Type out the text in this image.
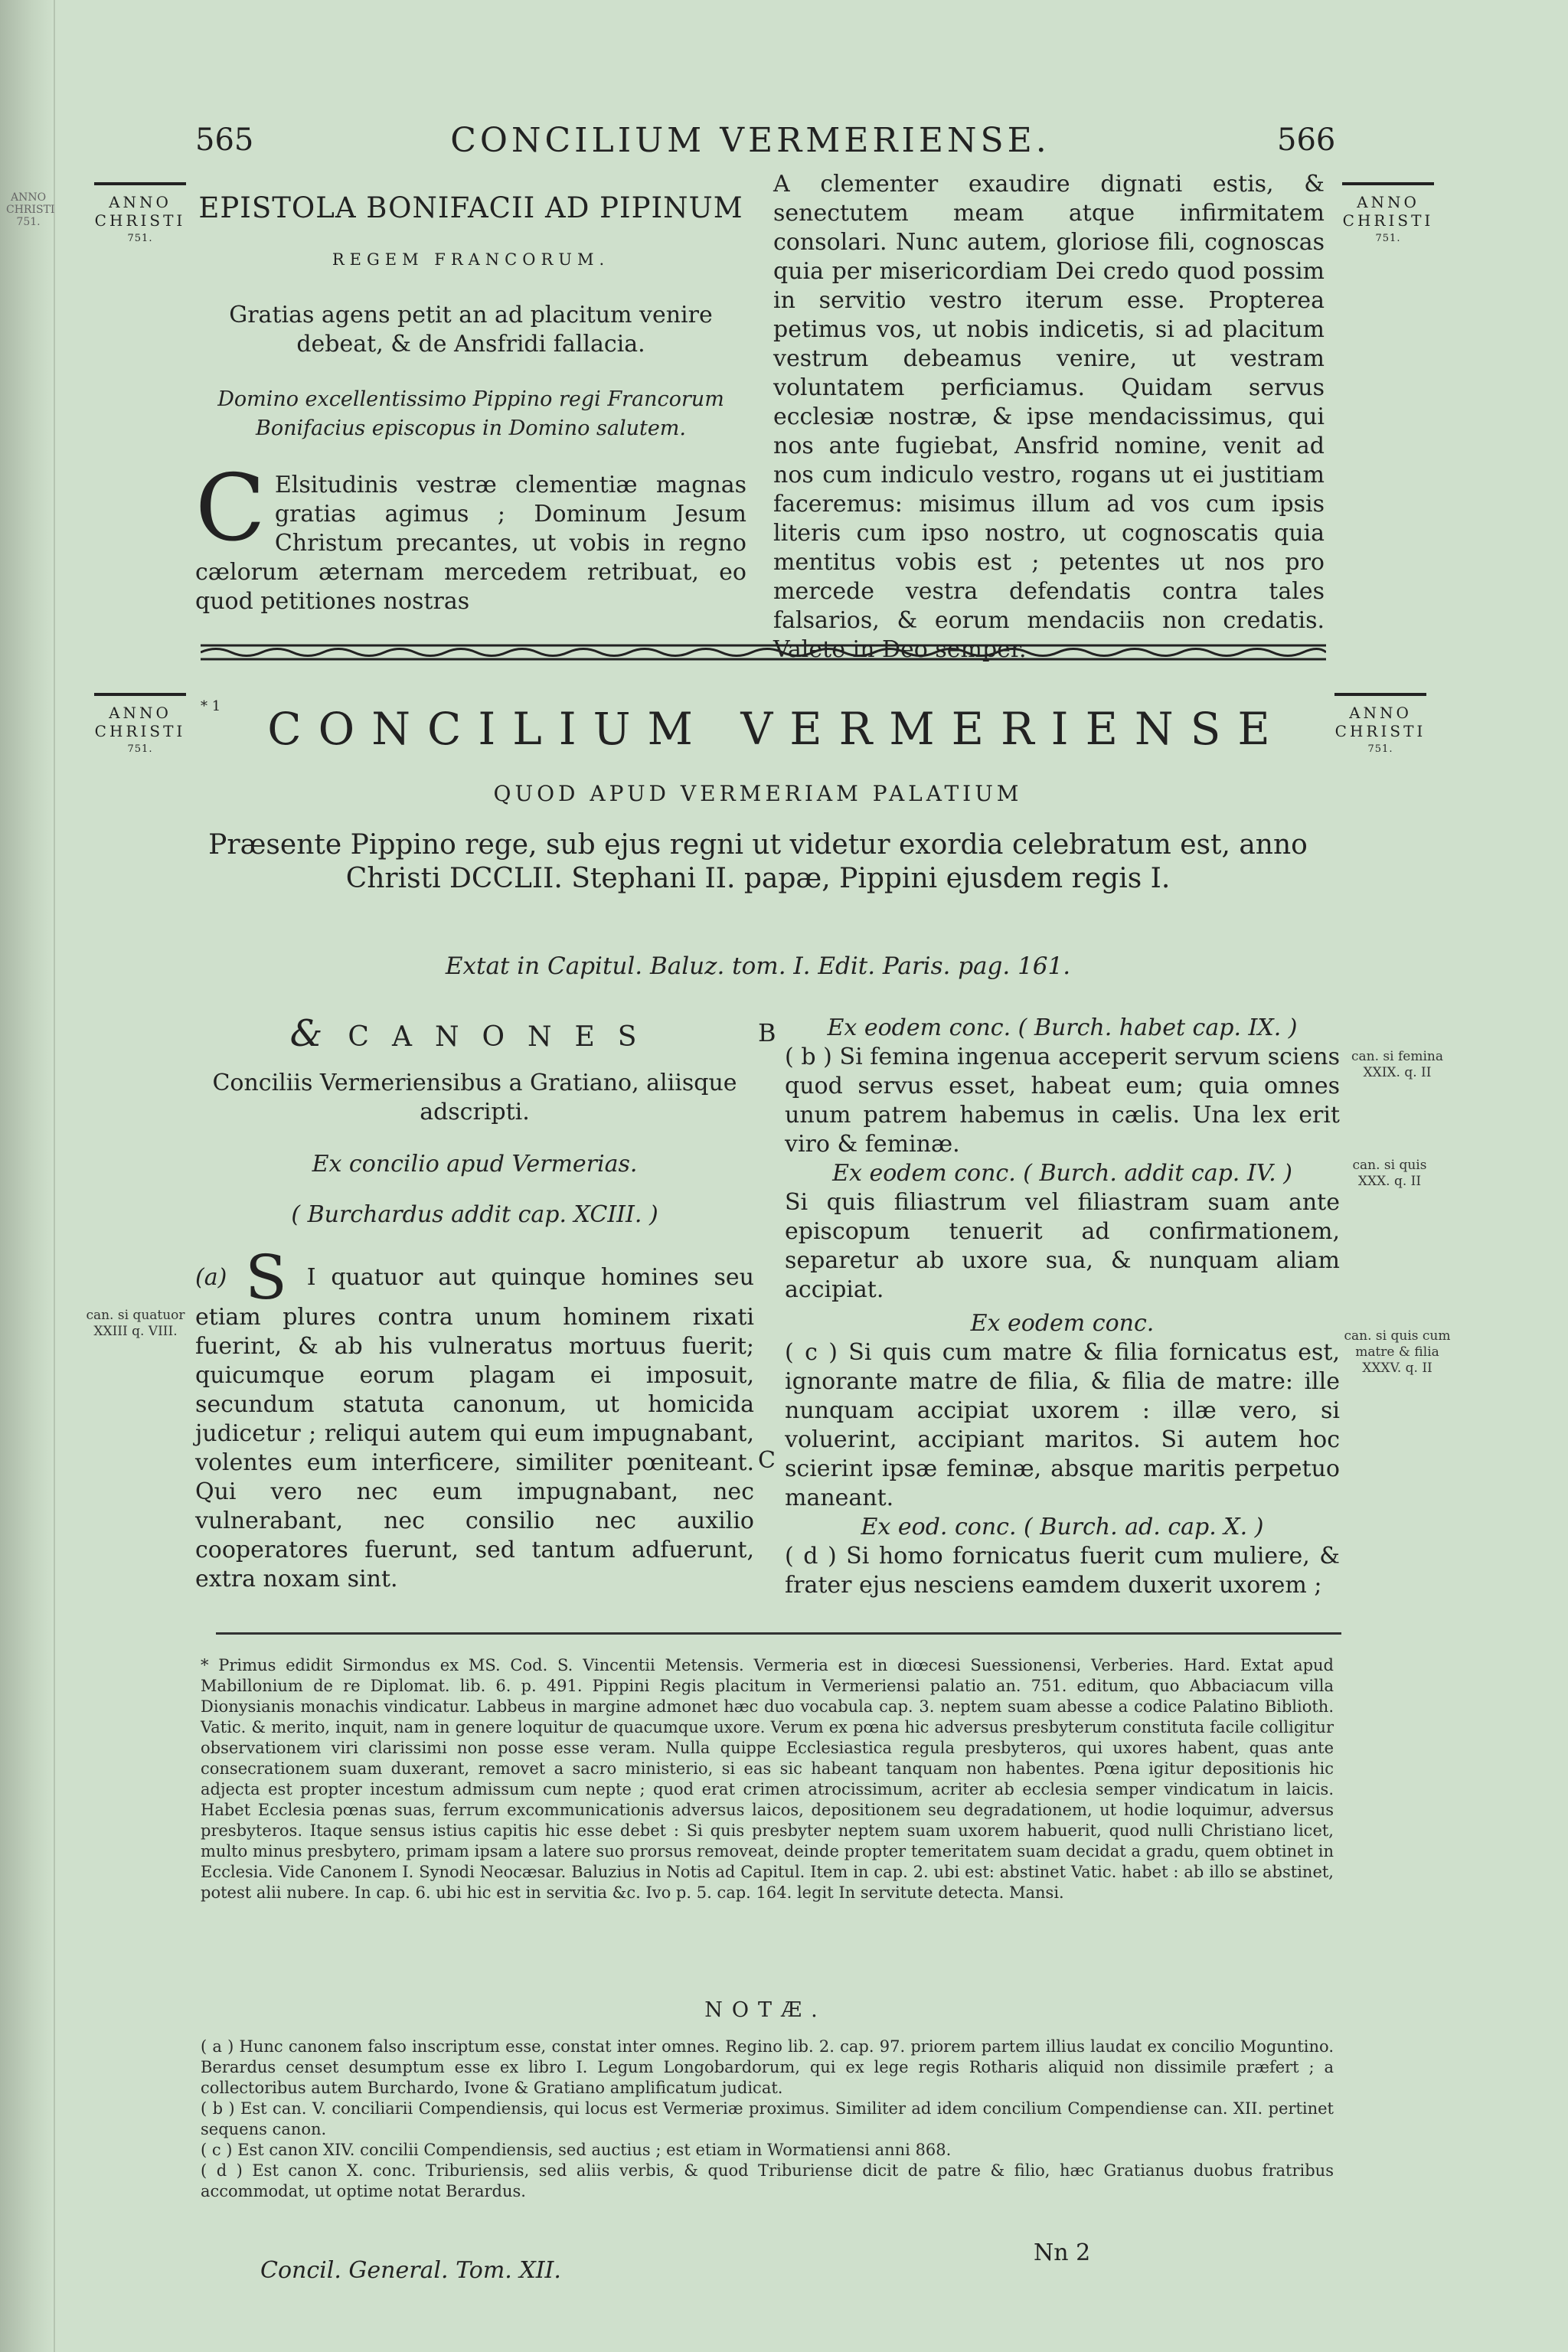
ANNO CHRISTI 751.
565	CONCILIUM VERMERIENSE.	566
ANNO
CHRISTI
751.
ANNO
CHRISTI
751.
EPISTOLA BONIFACII AD PIPINUM
REGEM FRANCORUM.
Gratias agens petit an ad placitum venire debeat, & de Ansfridi fallacia.
Domino excellentissimo Pippino regi Francorum Bonifacius episcopus in Domino salutem.
C Elsitudinis vestræ clementiæ magnas gratias agimus ; Dominum Jesum Christum precantes, ut vobis in regno cælorum æternam mercedem retribuat, eo quod petitiones nostras
A clementer exaudire dignati estis, & senectutem meam atque infirmitatem consolari. Nunc autem, gloriose fili, cognoscas quia per misericordiam Dei credo quod possim in servitio vestro iterum esse. Propterea petimus vos, ut nobis indicetis, si ad placitum vestrum debeamus venire, ut vestram voluntatem perficiamus. Quidam servus ecclesiæ nostræ, & ipse mendacissimus, qui nos ante fugiebat, Ansfrid nomine, venit ad nos cum indiculo vestro, rogans ut ei justitiam faceremus: misimus illum ad vos cum ipsis literis cum ipso nostro, ut cognoscatis quia mentitus vobis est ; petentes ut nos pro mercede vestra defendatis contra tales falsarios, & eorum mendaciis non credatis. Valete in Deo semper.
ANNO
CHRISTI
751.
ANNO
CHRISTI
751.
* 1	CONCILIUM VERMERIENSE
QUOD APUD VERMERIAM PALATIUM
Præsente Pippino rege, sub ejus regni ut videtur exordia celebratum est, anno Christi DCCLII. Stephani II. papæ, Pippini ejusdem regis I.
Extat in Capitul. Baluz. tom. I. Edit. Paris. pag. 161.
& CANONES
Conciliis Vermeriensibus a Gratiano, aliisque adscripti.
Ex concilio apud Vermerias.
( Burchardus addit cap. XCIII. )
(a) S I quatuor aut quinque homines seu etiam plures contra unum hominem rixati fuerint, & ab his vulneratus mortuus fuerit; quicumque eorum plagam ei imposuit, secundum statuta canonum, ut homicida judicetur ; reliqui autem qui eum impugnabant, volentes eum interficere, similiter pœniteant. Qui vero nec eum impugnabant, nec vulnerabant, nec consilio nec auxilio cooperatores fuerunt, sed tantum adfuerunt, extra noxam sint.
B
C
Ex eodem conc. ( Burch. habet cap. IX. )
( b ) Si femina ingenua acceperit servum sciens quod servus esset, habeat eum; quia omnes unum patrem habemus in cælis. Una lex erit viro & feminæ.
Ex eodem conc. ( Burch. addit cap. IV. )
Si quis filiastrum vel filiastram suam ante episcopum tenuerit ad confirmationem, separetur ab uxore sua, & nunquam aliam accipiat.
Ex eodem conc.
( c ) Si quis cum matre & filia fornicatus est, ignorante matre de filia, & filia de matre: ille nunquam accipiat uxorem : illæ vero, si voluerint, accipiant maritos. Si autem hoc scierint ipsæ feminæ, absque maritis perpetuo maneant.
Ex eod. conc. ( Burch. ad. cap. X. )
( d ) Si homo fornicatus fuerit cum muliere, & frater ejus nesciens eamdem duxerit uxorem ;
can. si quatuor XXIII q. VIII.
can. si femina XXIX. q. II
can. si quis XXX. q. II
can. si quis cum matre & filia XXXV. q. II
* Primus edidit Sirmondus ex MS. Cod. S. Vincentii Metensis. Vermeria est in diœcesi Suessionensi, Verberies. Hard. Extat apud Mabillonium de re Diplomat. lib. 6. p. 491. Pippini Regis placitum in Vermeriensi palatio an. 751. editum, quo Abbaciacum villa Dionysianis monachis vindicatur. Labbeus in margine admonet hæc duo vocabula cap. 3. neptem suam abesse a codice Palatino Biblioth. Vatic. & merito, inquit, nam in genere loquitur de quacumque uxore. Verum ex pœna hic adversus presbyterum constituta facile colligitur observationem viri clarissimi non posse esse veram. Nulla quippe Ecclesiastica regula presbyteros, qui uxores habent, quas ante consecrationem suam duxerant, removet a sacro ministerio, si eas sic habeant tanquam non habentes. Pœna igitur depositionis hic adjecta est propter incestum admissum cum nepte ; quod erat crimen atrocissimum, acriter ab ecclesia semper vindicatum in laicis. Habet Ecclesia pœnas suas, ferrum excommunicationis adversus laicos, depositionem seu degradationem, ut hodie loquimur, adversus presbyteros. Itaque sensus istius capitis hic esse debet : Si quis presbyter neptem suam uxorem habuerit, quod nulli Christiano licet, multo minus presbytero, primam ipsam a latere suo prorsus removeat, deinde propter temeritatem suam decidat a gradu, quem obtinet in Ecclesia. Vide Canonem I. Synodi Neocæsar. Baluzius in Notis ad Capitul. Item in cap. 2. ubi est: abstinet Vatic. habet : ab illo se abstinet, potest alii nubere. In cap. 6. ubi hic est in servitia &c. Ivo p. 5. cap. 164. legit In servitute detecta. Mansi.
NOTÆ.

( a ) Hunc canonem falso inscriptum esse, constat inter omnes. Regino lib. 2. cap. 97. priorem partem illius laudat ex concilio Moguntino. Berardus censet desumptum esse ex libro I. Legum Longobardorum, qui ex lege regis Rotharis aliquid non dissimile præfert ; a collectoribus autem Burchardo, Ivone & Gratiano amplificatum judicat.

( b ) Est can. V. conciliarii Compendiensis, qui locus est Vermeriæ proximus. Similiter ad idem concilium Compendiense can. XII. pertinet sequens canon.

( c ) Est canon XIV. concilii Compendiensis, sed auctius ; est etiam in Wormatiensi anni 868.

( d ) Est canon X. conc. Triburiensis, sed aliis verbis, & quod Triburiense dicit de patre & filio, hæc Gratianus duobus fratribus accommodat, ut optime notat Berardus.

Nn 2
Concil. General. Tom. XII.
